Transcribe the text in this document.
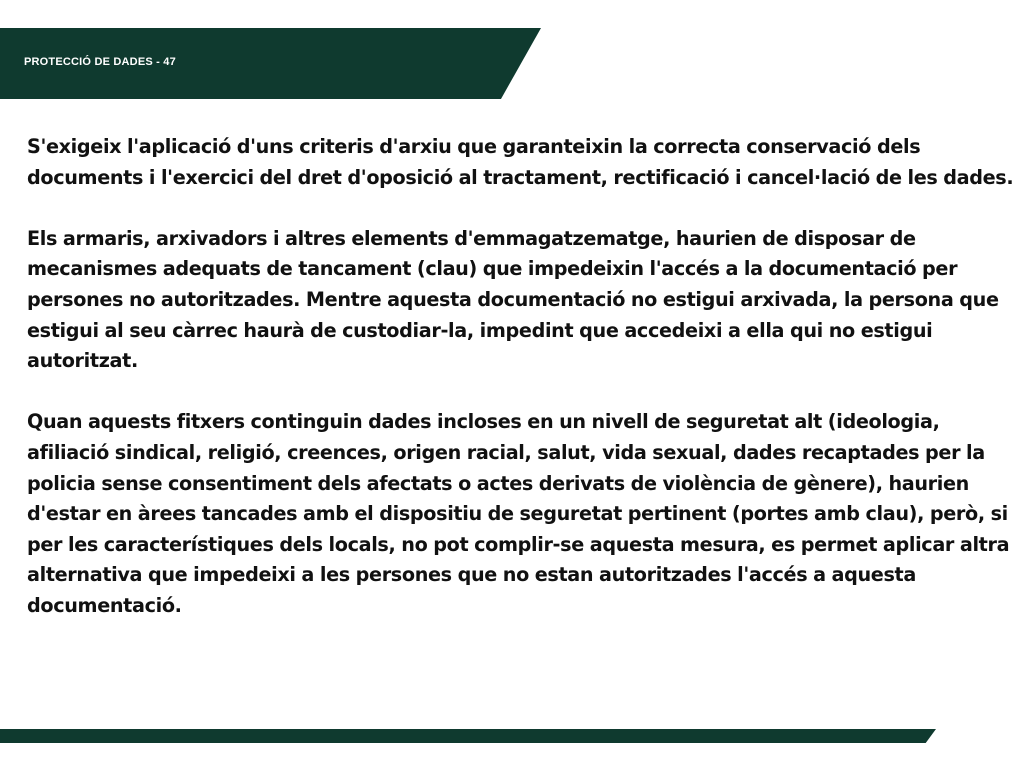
PROTECCIÓ DE DADES - 47

S'exigeix l'aplicació d'uns criteris d'arxiu que garanteixin la correcta conservació dels documents i l'exercici del dret d'oposició al tractament, rectificació i cancel·lació de les dades.

Els armaris, arxivadors i altres elements d'emmagatzematge, haurien de disposar de mecanismes adequats de tancament (clau) que impedeixin l'accés a la documentació per persones no autoritzades. Mentre aquesta documentació no estigui arxivada, la persona que estigui al seu càrrec haurà de custodiar-la, impedint que accedeixi a ella qui no estigui autoritzat.

Quan aquests fitxers continguin dades incloses en un nivell de seguretat alt (ideologia, afiliació sindical, religió, creences, origen racial, salut, vida sexual, dades recaptades per la policia sense consentiment dels afectats o actes derivats de violència de gènere), haurien d'estar en àrees tancades amb el dispositiu de seguretat pertinent (portes amb clau), però, si per les característiques dels locals, no pot complir-se aquesta mesura, es permet aplicar altra alternativa que impedeixi a les persones que no estan autoritzades l'accés a aquesta documentació.
